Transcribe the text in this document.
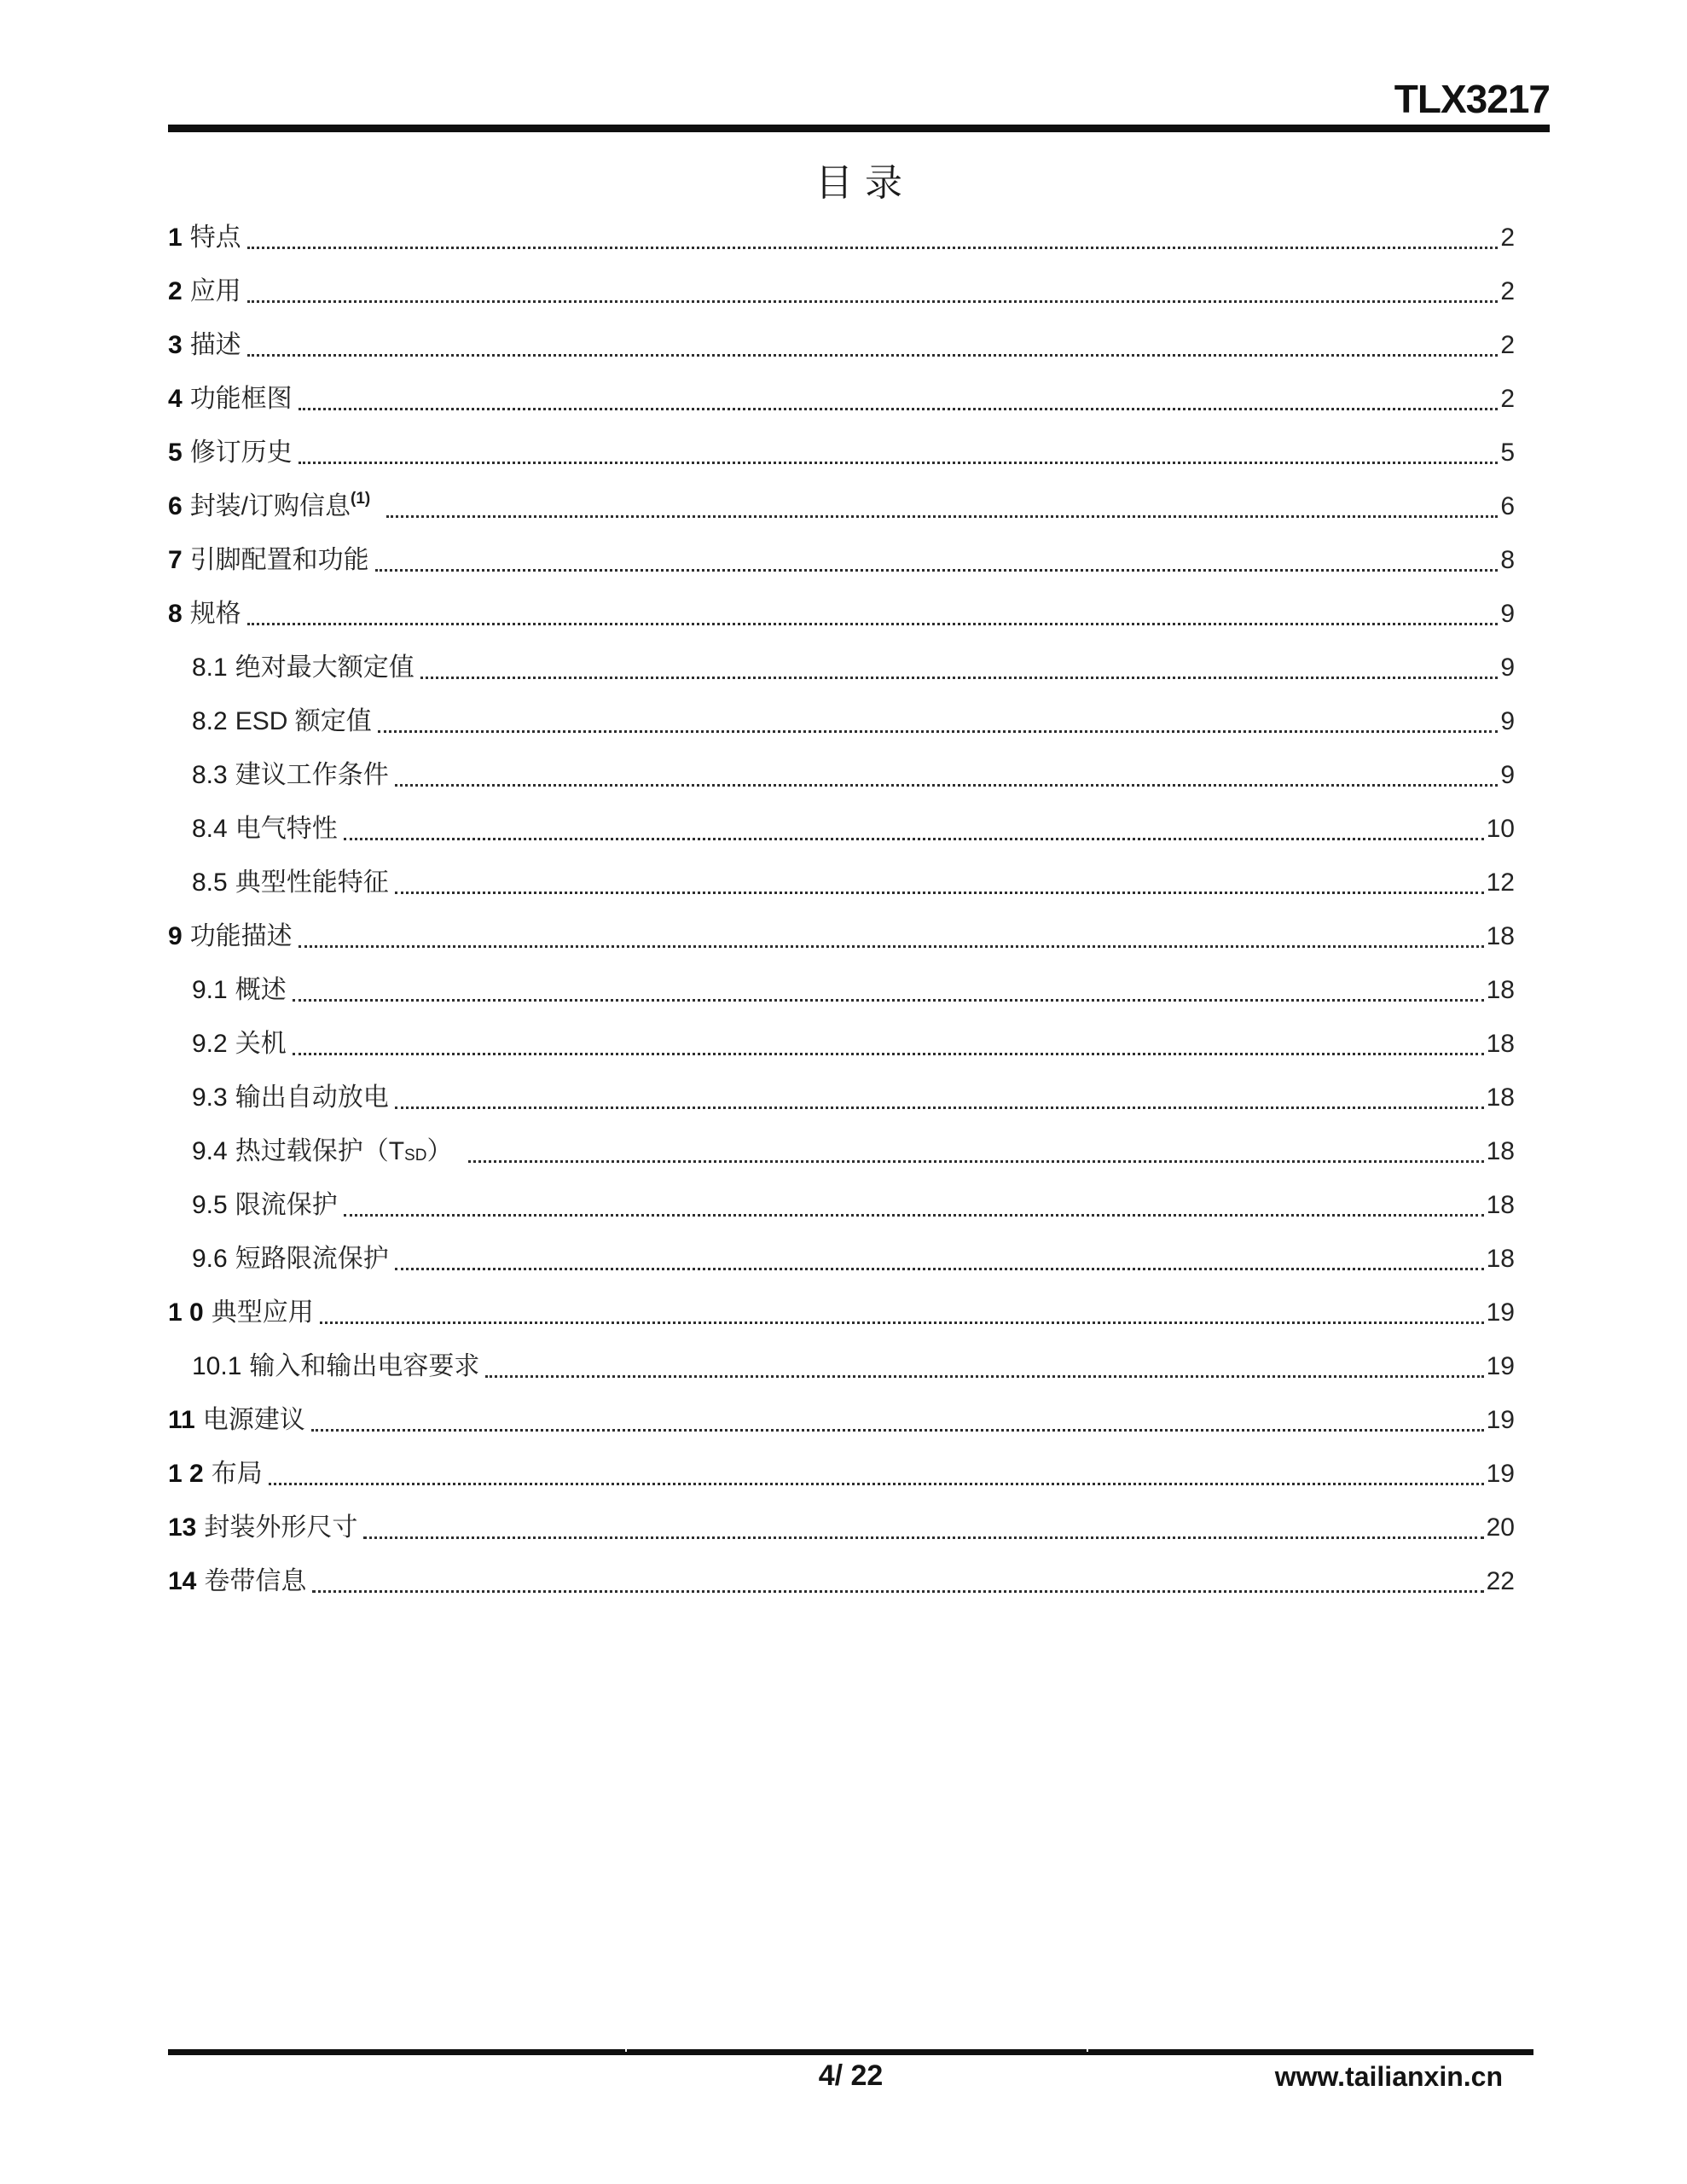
TLX3217
目录
1 特点	2
2 应用	2
3 描述	2
4 功能框图	2
5 修订历史	5
6 封装/订购信息$^{(1)}$	6
7 引脚配置和功能	8
8 规格	9
8.1 绝对最大额定值	9
8.2 ESD 额定值	9
8.3 建议工作条件	9
8.4 电气特性	10
8.5 典型性能特征	12
9 功能描述	18
9.1 概述	18
9.2 关机	18
9.3 输出自动放电	18
9.4 热过载保护（$T_{SD}$ ）	18
9.5 限流保护	18
9.6 短路限流保护	18
1 0 典型应用	19
10.1 输入和输出电容要求	19
11 电源建议	19
1 2 布局	19
13 封装外形尺寸	20
14 卷带信息	22
4/ 22	www.tailianxin.cn
